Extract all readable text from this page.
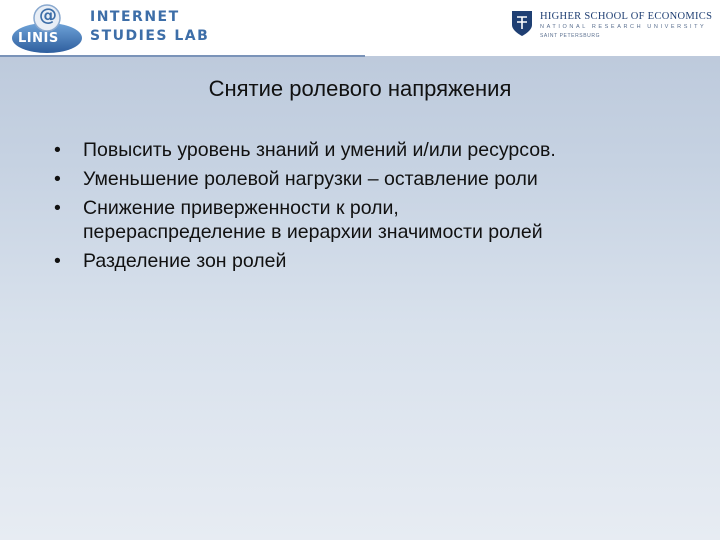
@
LINIS
INTERNET
STUDIES LAB
HIGHER SCHOOL OF ECONOMICS
NATIONAL RESEARCH UNIVERSITY
SAINT PETERSBURG
Снятие ролевого напряжения
• Повысить уровень знаний и умений и/или ресурсов.
• Уменьшение ролевой нагрузки – оставление роли
• Снижение приверженности к роли,
перераспределение в иерархии значимости ролей
• Разделение зон ролей
